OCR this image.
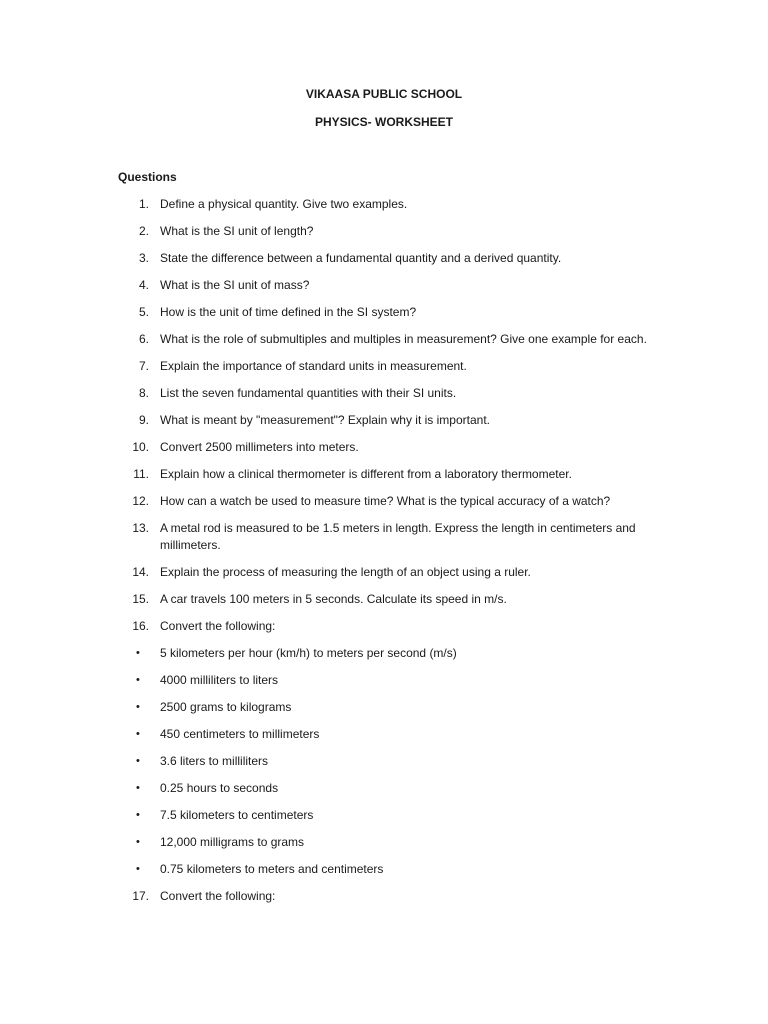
VIKAASA PUBLIC SCHOOL
PHYSICS- WORKSHEET
Questions
1. Define a physical quantity. Give two examples.
2. What is the SI unit of length?
3. State the difference between a fundamental quantity and a derived quantity.
4. What is the SI unit of mass?
5. How is the unit of time defined in the SI system?
6. What is the role of submultiples and multiples in measurement? Give one example for each.
7. Explain the importance of standard units in measurement.
8. List the seven fundamental quantities with their SI units.
9. What is meant by "measurement"? Explain why it is important.
10. Convert 2500 millimeters into meters.
11. Explain how a clinical thermometer is different from a laboratory thermometer.
12. How can a watch be used to measure time? What is the typical accuracy of a watch?
13. A metal rod is measured to be 1.5 meters in length. Express the length in centimeters and millimeters.
14. Explain the process of measuring the length of an object using a ruler.
15. A car travels 100 meters in 5 seconds. Calculate its speed in m/s.
16. Convert the following:
•	5 kilometers per hour (km/h) to meters per second (m/s)
•	4000 milliliters to liters
•	2500 grams to kilograms
•	450 centimeters to millimeters
•	3.6 liters to milliliters
•	0.25 hours to seconds
•	7.5 kilometers to centimeters
•	12,000 milligrams to grams
•	0.75 kilometers to meters and centimeters
17. Convert the following:
